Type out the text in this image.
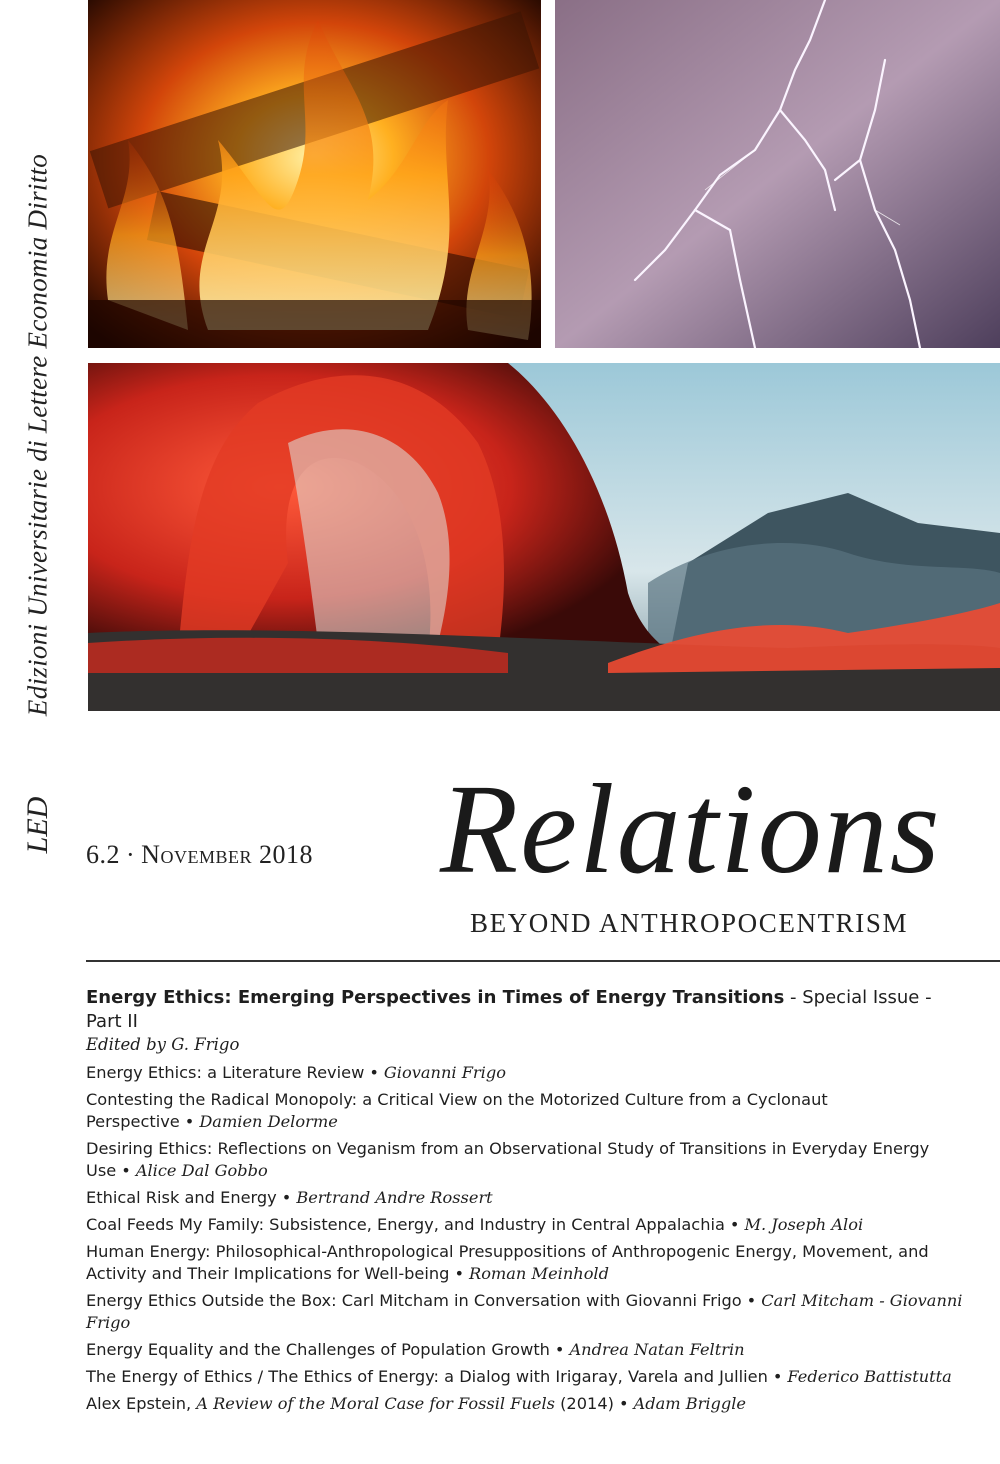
Edizioni Universitarie di Lettere Economia Diritto
LED
6.2 · November 2018 Relations
BEYOND ANTHROPOCENTRISM
Energy Ethics: Emerging Perspectives in Times of Energy Transitions - Special Issue - Part II
Edited by G. Frigo
Energy Ethics: a Literature Review • Giovanni Frigo
Contesting the Radical Monopoly: a Critical View on the Motorized Culture from a Cyclonaut Perspective • Damien Delorme
Desiring Ethics: Reflections on Veganism from an Observational Study of Transitions in Everyday Energy Use • Alice Dal Gobbo
Ethical Risk and Energy • Bertrand Andre Rossert
Coal Feeds My Family: Subsistence, Energy, and Industry in Central Appalachia • M. Joseph Aloi
Human Energy: Philosophical-Anthropological Presuppositions of Anthropogenic Energy, Movement, and Activity and Their Implications for Well-being • Roman Meinhold
Energy Ethics Outside the Box: Carl Mitcham in Conversation with Giovanni Frigo • Carl Mitcham - Giovanni Frigo
Energy Equality and the Challenges of Population Growth • Andrea Natan Feltrin
The Energy of Ethics / The Ethics of Energy: a Dialog with Irigaray, Varela and Jullien • Federico Battistutta
Alex Epstein, A Review of the Moral Case for Fossil Fuels (2014) • Adam Briggle
